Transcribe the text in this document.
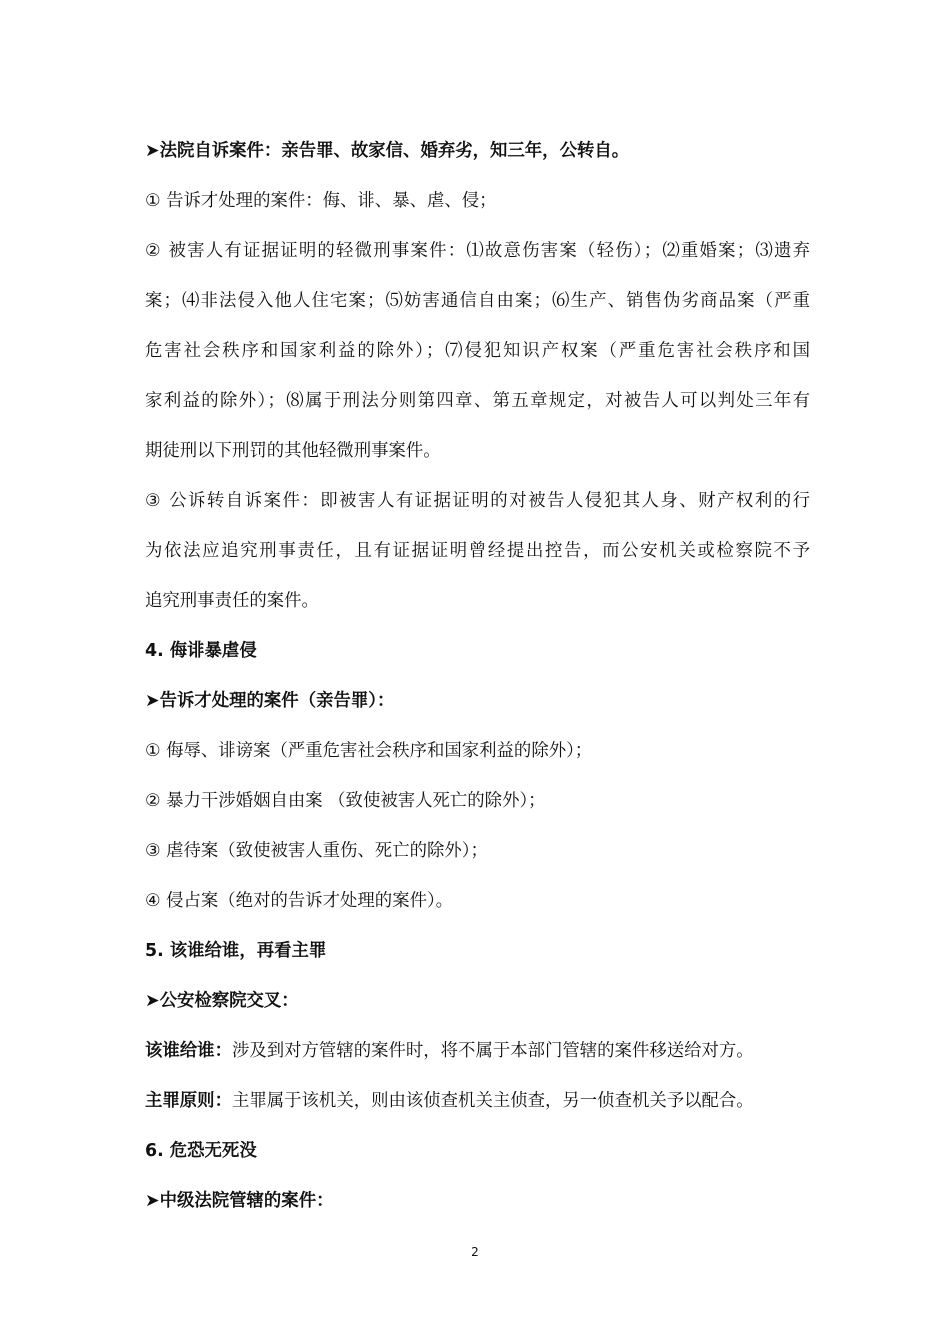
➤法院自诉案件：亲告罪、故家信、婚弃劣，知三年，公转自。
① 告诉才处理的案件：侮、诽、暴、虐、侵；
② 被害人有证据证明的轻微刑事案件：⑴故意伤害案（轻伤）；⑵重婚案；⑶遗弃
案；⑷非法侵入他人住宅案；⑸妨害通信自由案；⑹生产、销售伪劣商品案（严重
危害社会秩序和国家利益的除外）；⑺侵犯知识产权案（严重危害社会秩序和国
家利益的除外）；⑻属于刑法分则第四章、第五章规定，对被告人可以判处三年有
期徒刑以下刑罚的其他轻微刑事案件。
③ 公诉转自诉案件：即被害人有证据证明的对被告人侵犯其人身、财产权利的行
为依法应追究刑事责任，且有证据证明曾经提出控告，而公安机关或检察院不予
追究刑事责任的案件。
4. 侮诽暴虐侵
➤告诉才处理的案件（亲告罪）：
① 侮辱、诽谤案（严重危害社会秩序和国家利益的除外）；
② 暴力干涉婚姻自由案 （致使被害人死亡的除外）；
③ 虐待案（致使被害人重伤、死亡的除外）；
④ 侵占案（绝对的告诉才处理的案件）。
5. 该谁给谁，再看主罪
➤公安检察院交叉：
该谁给谁：涉及到对方管辖的案件时，将不属于本部门管辖的案件移送给对方。
主罪原则：主罪属于该机关，则由该侦查机关主侦查，另一侦查机关予以配合。
6. 危恐无死没
➤中级法院管辖的案件：
2
